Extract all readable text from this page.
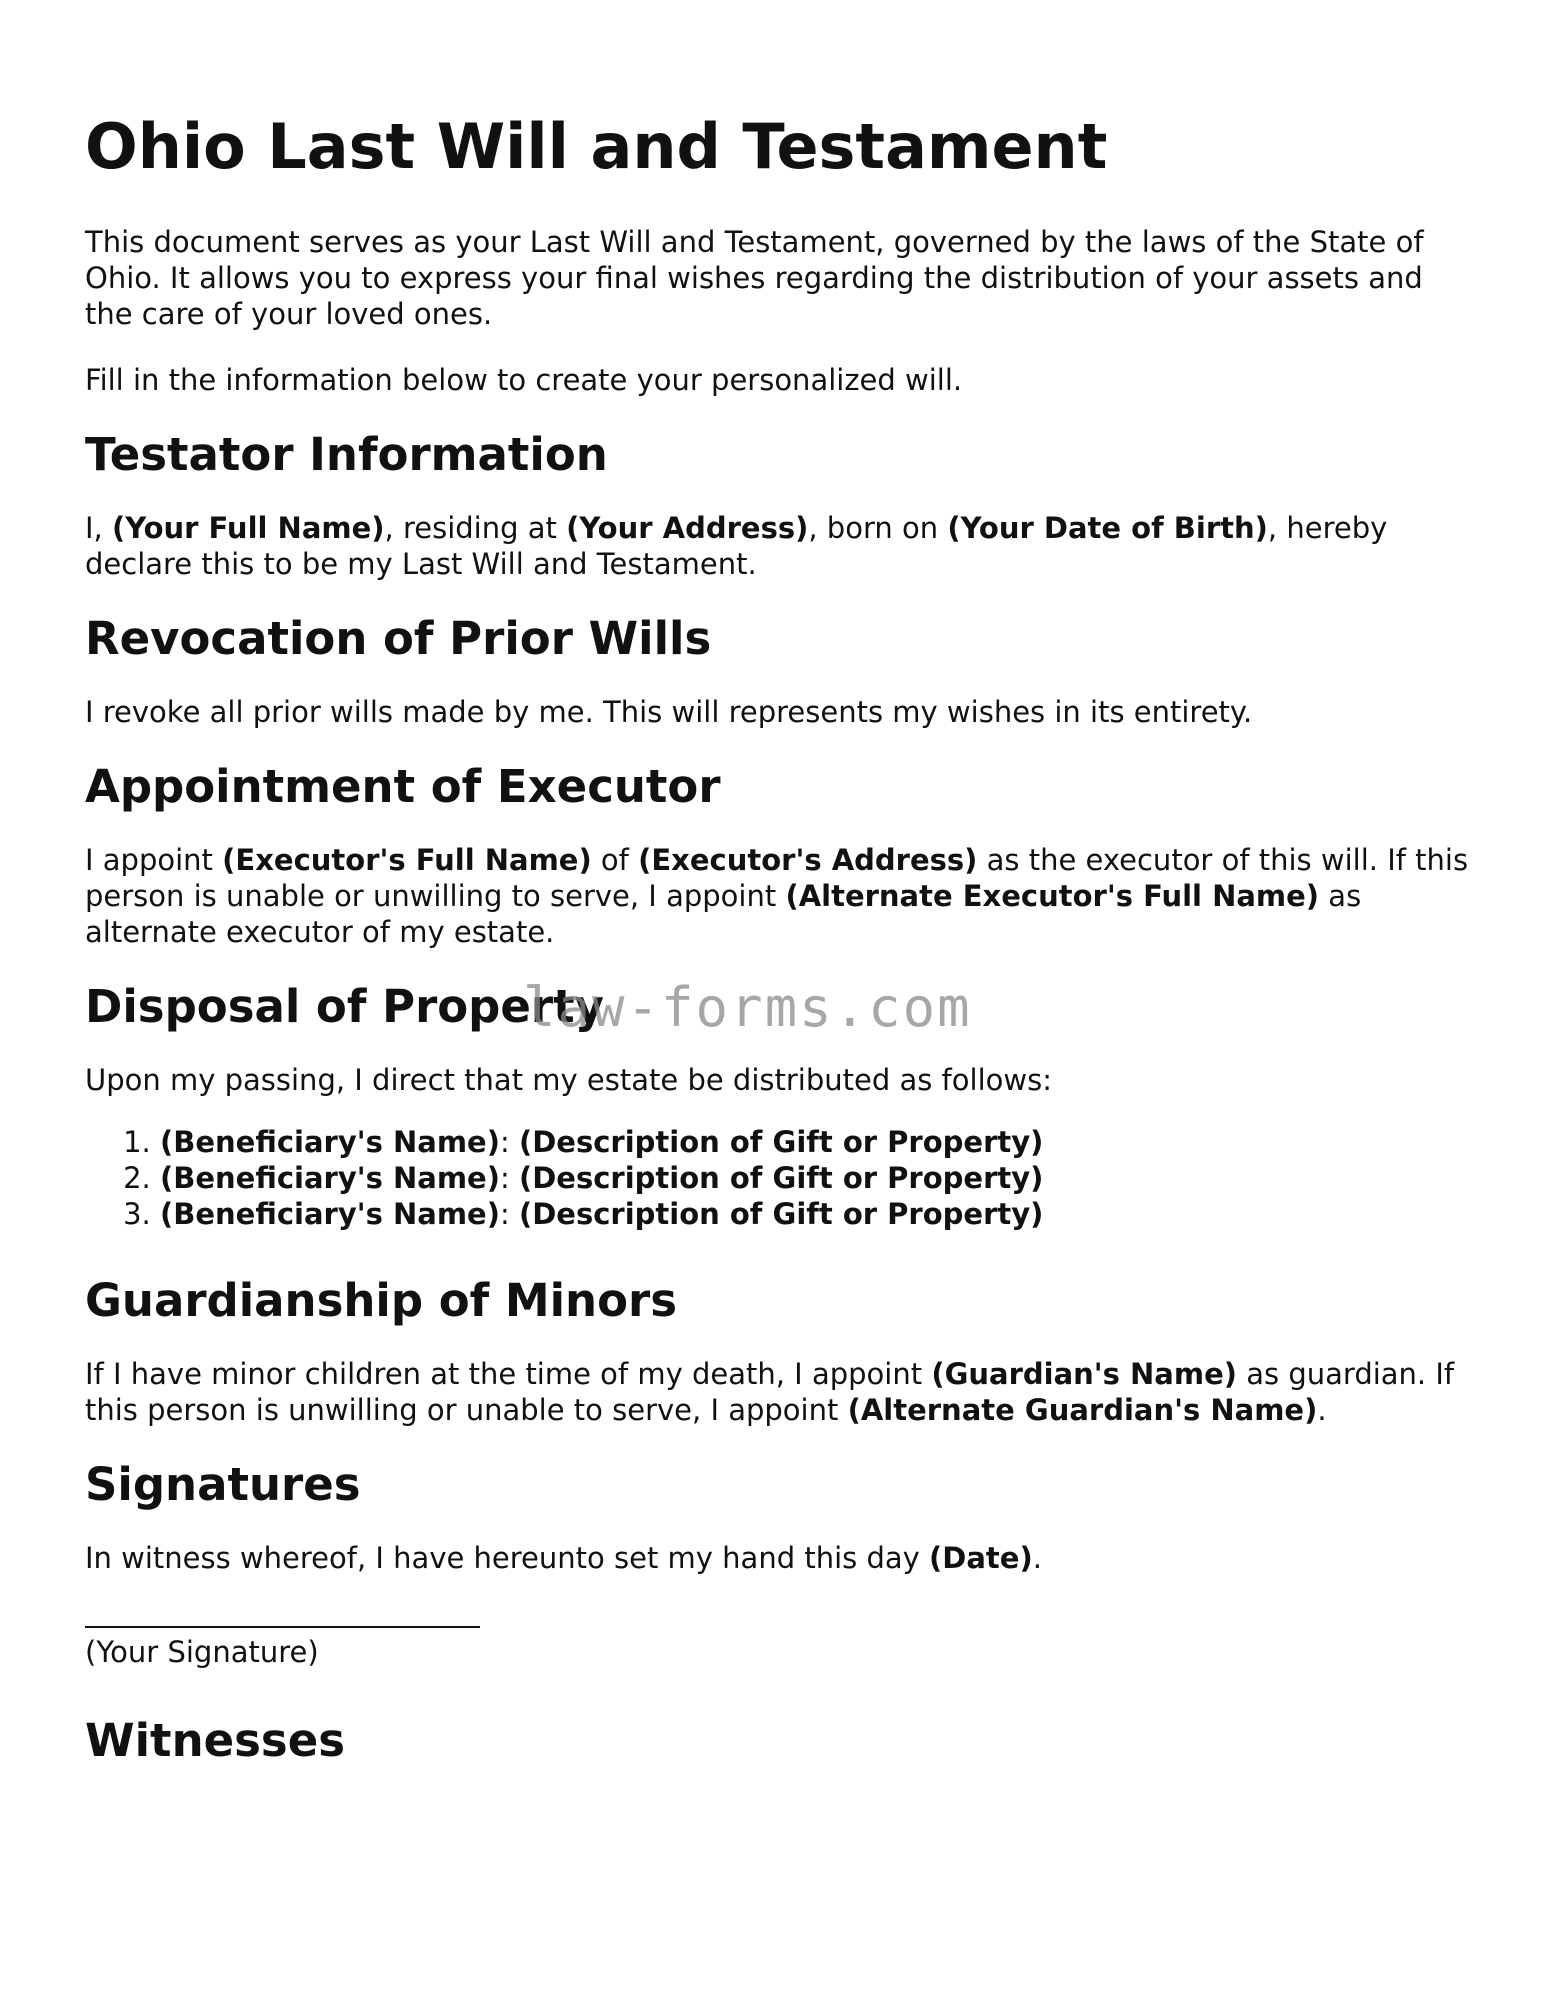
Ohio Last Will and Testament

This document serves as your Last Will and Testament, governed by the laws of the State of Ohio. It allows you to express your final wishes regarding the distribution of your assets and the care of your loved ones.

Fill in the information below to create your personalized will.

Testator Information

I, (Your Full Name), residing at (Your Address), born on (Your Date of Birth), hereby declare this to be my Last Will and Testament.

Revocation of Prior Wills

I revoke all prior wills made by me. This will represents my wishes in its entirety.

Appointment of Executor

I appoint (Executor's Full Name) of (Executor's Address) as the executor of this will. If this person is unable or unwilling to serve, I appoint (Alternate Executor's Full Name) as alternate executor of my estate.

Disposal of Property

Upon my passing, I direct that my estate be distributed as follows:

1. (Beneficiary's Name): (Description of Gift or Property)
2. (Beneficiary's Name): (Description of Gift or Property)
3. (Beneficiary's Name): (Description of Gift or Property)
Guardianship of Minors

If I have minor children at the time of my death, I appoint (Guardian's Name) as guardian. If this person is unwilling or unable to serve, I appoint (Alternate Guardian's Name).

Signatures

In witness whereof, I have hereunto set my hand this day (Date).

(Your Signature)
Witnesses
law-forms.com
